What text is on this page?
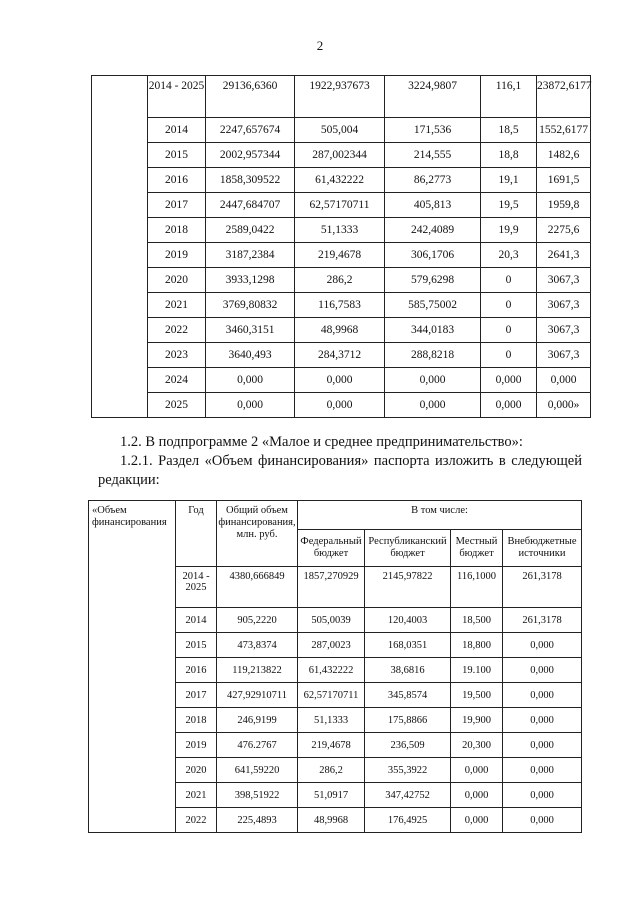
2
	2014 - 2025	29136,6360	1922,937673	3224,9807	116,1	23872,6177
	2014	2247,657674	505,004	171,536	18,5	1552,6177
	2015	2002,957344	287,002344	214,555	18,8	1482,6
	2016	1858,309522	61,432222	86,2773	19,1	1691,5
	2017	2447,684707	62,57170711	405,813	19,5	1959,8
	2018	2589,0422	51,1333	242,4089	19,9	2275,6
	2019	3187,2384	219,4678	306,1706	20,3	2641,3
	2020	3933,1298	286,2	579,6298	0	3067,3
	2021	3769,80832	116,7583	585,75002	0	3067,3
	2022	3460,3151	48,9968	344,0183	0	3067,3
	2023	3640,493	284,3712	288,8218	0	3067,3
	2024	0,000	0,000	0,000	0,000	0,000
	2025	0,000	0,000	0,000	0,000	0,000»
1.2. В подпрограмме 2 «Малое и среднее предпринимательство»:
1.2.1. Раздел «Объем финансирования» паспорта изложить в следующей редакции:
«Объем финансирования	Год	Общий объем финансирования, млн. руб.	В том числе:			
			Федеральный бюджет	Республиканский бюджет	Местный бюджет	Внебюджетные источники
	2014 - 2025	4380,666849	1857,270929	2145,97822	116,1000	261,3178
	2014	905,2220	505,0039	120,4003	18,500	261,3178
	2015	473,8374	287,0023	168,0351	18,800	0,000
	2016	119,213822	61,432222	38,6816	19.100	0,000
	2017	427,92910711	62,57170711	345,8574	19,500	0,000
	2018	246,9199	51,1333	175,8866	19,900	0,000
	2019	476.2767	219,4678	236,509	20,300	0,000
	2020	641,59220	286,2	355,3922	0,000	0,000
	2021	398,51922	51,0917	347,42752	0,000	0,000
	2022	225,4893	48,9968	176,4925	0,000	0,000
